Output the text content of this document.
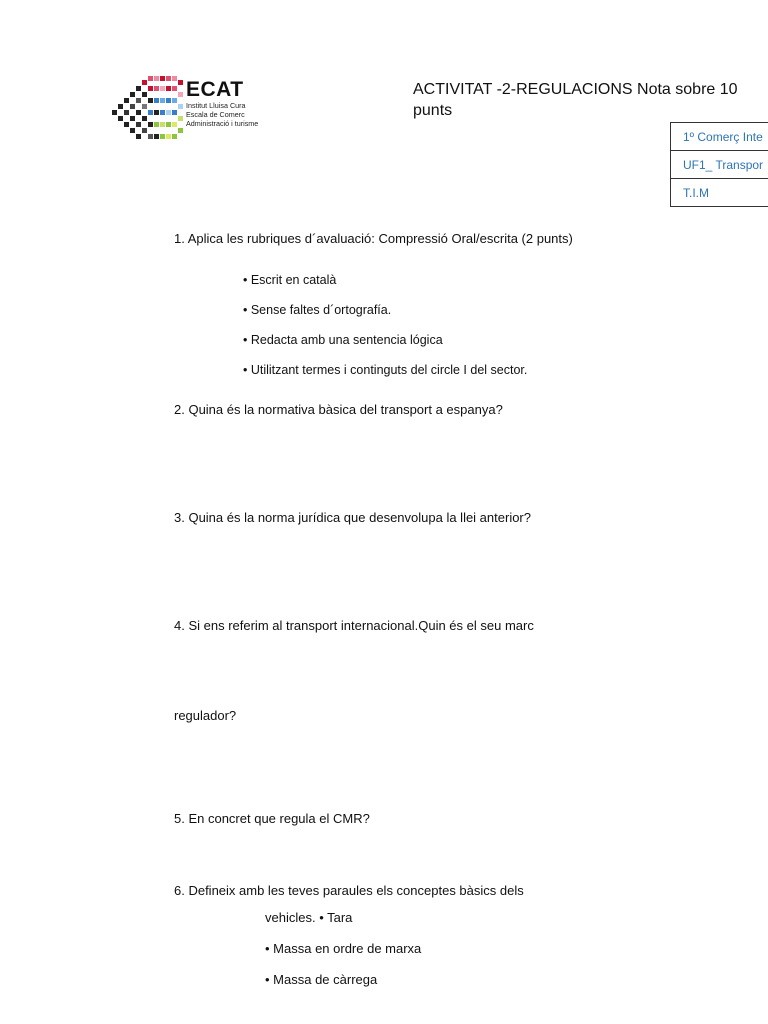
ECAT
Institut Lluisa Cura
Escala de Comerc
Administració i turisme
ACTIVITAT -2-REGULACIONS Nota sobre 10 punts
1º Comerç Inte
UF1_ Transpor
T.I.M
1. Aplica les rubriques d´avaluació: Compressió Oral/escrita (2 punts)
• Escrit en català
• Sense faltes d´ortografía.
• Redacta amb una sentencia lógica
• Utilitzant termes i continguts del circle I del sector.
2. Quina és la normativa bàsica del transport a espanya?
3. Quina és la norma jurídica que desenvolupa la llei anterior?
4. Si ens referim al transport internacional.Quin és el seu marc
regulador?
5. En concret que regula el CMR?
6. Defineix amb les teves paraules els conceptes bàsics dels
vehicles. • Tara
• Massa en ordre de marxa
• Massa de càrrega
